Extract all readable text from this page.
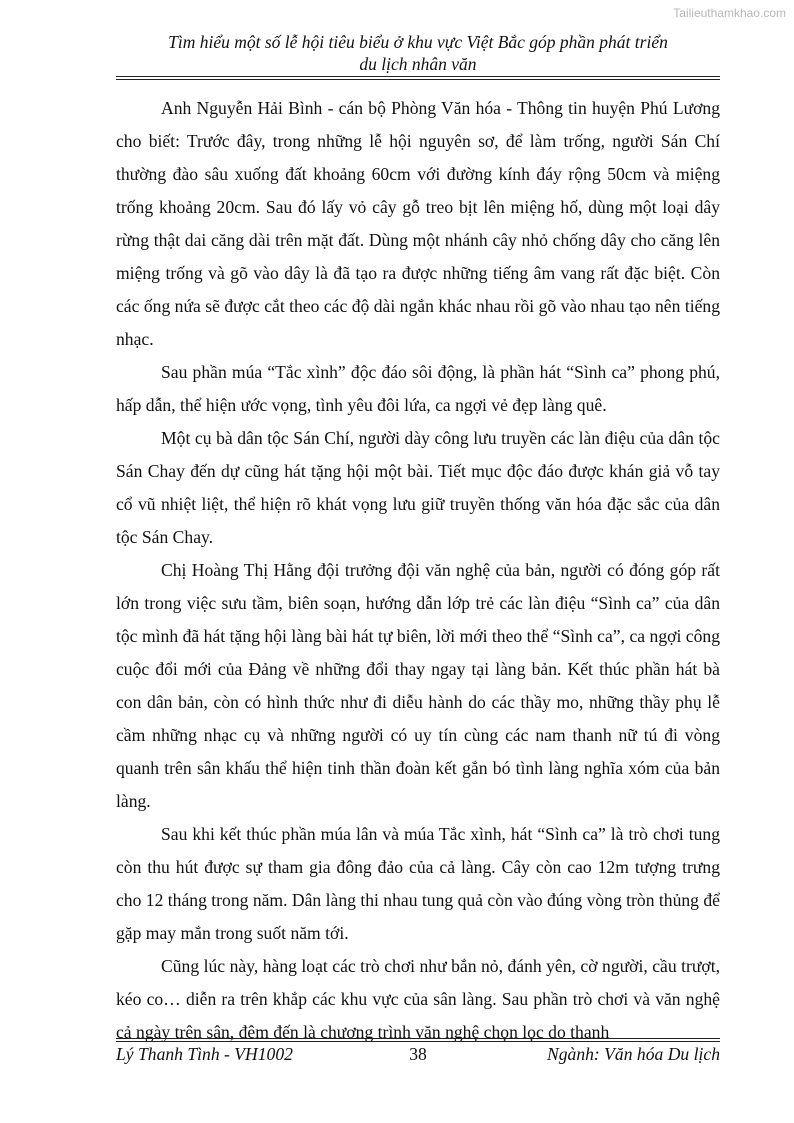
Tailieuthamkhao.com
Tìm hiểu một số lễ hội tiêu biểu ở khu vực Việt Bắc góp phần phát triển
du lịch nhân văn

Anh Nguyễn Hải Bình - cán bộ Phòng Văn hóa - Thông tin huyện Phú Lương cho biết: Trước đây, trong những lễ hội nguyên sơ, để làm trống, người Sán Chí thường đào sâu xuống đất khoảng 60cm với đường kính đáy rộng 50cm và miệng trống khoảng 20cm. Sau đó lấy vỏ cây gỗ treo bịt lên miệng hố, dùng một loại dây rừng thật dai căng dài trên mặt đất. Dùng một nhánh cây nhỏ chống dây cho căng lên miệng trống và gõ vào dây là đã tạo ra được những tiếng âm vang rất đặc biệt. Còn các ống nứa sẽ được cắt theo các độ dài ngắn khác nhau rồi gõ vào nhau tạo nên tiếng nhạc.

Sau phần múa “Tắc xình” độc đáo sôi động, là phần hát “Sình ca” phong phú, hấp dẫn, thể hiện ước vọng, tình yêu đôi lứa, ca ngợi vẻ đẹp làng quê.

Một cụ bà dân tộc Sán Chí, người dày công lưu truyền các làn điệu của dân tộc Sán Chay đến dự cũng hát tặng hội một bài. Tiết mục độc đáo được khán giả vỗ tay cổ vũ nhiệt liệt, thể hiện rõ khát vọng lưu giữ truyền thống văn hóa đặc sắc của dân tộc Sán Chay.

Chị Hoàng Thị Hằng đội trưởng đội văn nghệ của bản, người có đóng góp rất lớn trong việc sưu tầm, biên soạn, hướng dẫn lớp trẻ các làn điệu “Sình ca” của dân tộc mình đã hát tặng hội làng bài hát tự biên, lời mới theo thể “Sình ca”, ca ngợi công cuộc đổi mới của Đảng về những đổi thay ngay tại làng bản. Kết thúc phần hát bà con dân bản, còn có hình thức như đi diễu hành do các thầy mo, những thầy phụ lễ cầm những nhạc cụ và những người có uy tín cùng các nam thanh nữ tú đi vòng quanh trên sân khấu thể hiện tinh thần đoàn kết gắn bó tình làng nghĩa xóm của bản làng.

Sau khi kết thúc phần múa lân và múa Tắc xình, hát “Sình ca” là trò chơi tung còn thu hút được sự tham gia đông đảo của cả làng. Cây còn cao 12m tượng trưng cho 12 tháng trong năm. Dân làng thi nhau tung quả còn vào đúng vòng tròn thủng để gặp may mắn trong suốt năm tới.

Cũng lúc này, hàng loạt các trò chơi như bắn nỏ, đánh yên, cờ người, cầu trượt, kéo co… diễn ra trên khắp các khu vực của sân làng. Sau phần trò chơi và văn nghệ cả ngày trên sân, đêm đến là chương trình văn nghệ chọn lọc do thanh

Lý Thanh Tình - VH1002	38	Ngành: Văn hóa Du lịch
